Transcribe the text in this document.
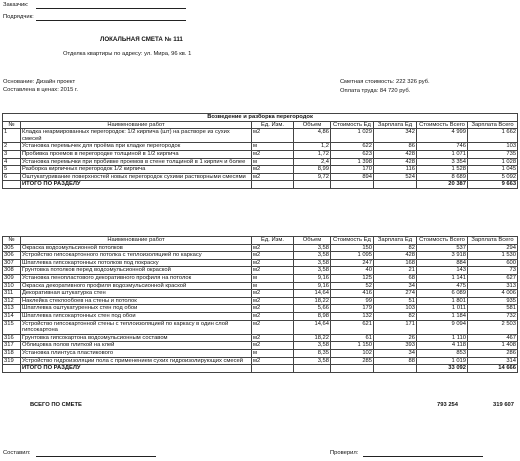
Заказчик:
Подрядчик:
ЛОКАЛЬНАЯ СМЕТА № 111
Отделка квартиры по адресу: ул. Мира, 96 кв. 1
Основание: Дизайн проект
Составлена в ценах: 2015 г.
Сметная стоимость: 222 326 руб.
Оплата труда: 84 720 руб.
Возведение и разборка перегородок							
№	Наименование работ	Ед. Изм.	Объем	Стоимость Ед	Зарплата Ед	Стоимость Всего	Зарплата Всего
1	Кладка неармированных перегородок: 1/2 кирпича (шт) на растворе из сухих смесей	м2	4,86	1 029	342	4 999	1 662
2	Установка перемычек для проёма при кладке перегородок	м	1,2	622	86	746	103
3	Пробивка проемов в перегородке толщиной в 1/2 кирпича	м2	1,72	623	428	1 071	735
4	Установка перемычки при пробивке проемов в стене толщиной в 1 кирпич и более	м	2,4	1 398	428	3 354	1 028
5	Разборка кирпичных перегородок 1/2 кирпича	м2	8,99	170	116	1 528	1 045
6	Оштукатуривание поверхностей новых перегородок сухими растворными смесями	м2	9,72	894	524	8 689	5 092
	ИТОГО ПО РАЗДЕЛУ					20 387	9 663
№	Наименование работ	Ед. Изм.	Объем	Стоимость Ед	Зарплата Ед	Стоимость Всего	Зарплата Всего
305	Окраска водоэмульсионной потолков	м2	3,58	150	82	537	294
306	Устройство гипсокартонного потолка с теплоизоляцией по каркасу	м2	3,58	1 095	428	3 918	1 530
307	Шпатлевка гипсокартонных потолков под покраску	м2	3,58	247	168	884	600
308	Грунтовка потолков перед водоэмульсионной окраской	м2	3,58	40	21	143	73
309	Установка пенопластового декоративного профиля на потолок	м	9,16	125	68	1 141	627
310	Окраска декоративного профиля водоэмульсионной краской	м	9,16	52	34	475	313
311	Декоративная штукатурка стен	м2	14,64	416	274	6 089	4 006
312	Наклейка стеклообоев на стены и потолок	м2	18,22	99	51	1 801	935
313	Шпатлевка оштукатуренных стен под обои	м2	5,66	179	103	1 011	581
314	Шпатлевка гипсокартонных стен под обои	м2	8,98	132	82	1 184	732
315	Устройство гипсокартонной стены с теплоизоляцией по каркасу в один слой гипсокартона	м2	14,64	621	171	9 094	2 503
316	Грунтовка гипсокартона водоэмульсионным составом	м2	18,22	61	26	1 110	467
317	Облицовка полов плиткой на клей	м2	3,58	1 150	393	4 118	1 408
318	Установка плинтуса пластикового	м	8,35	102	34	853	286
319	Устройство гидроизоляции пола с применением сухих гидроизолирующих смесей	м2	3,58	285	88	1 019	314
	ИТОГО ПО РАЗДЕЛУ					33 092	14 666
ВСЕГО ПО СМЕТЕ	793 254	319 607
Составил:	Проверил:
